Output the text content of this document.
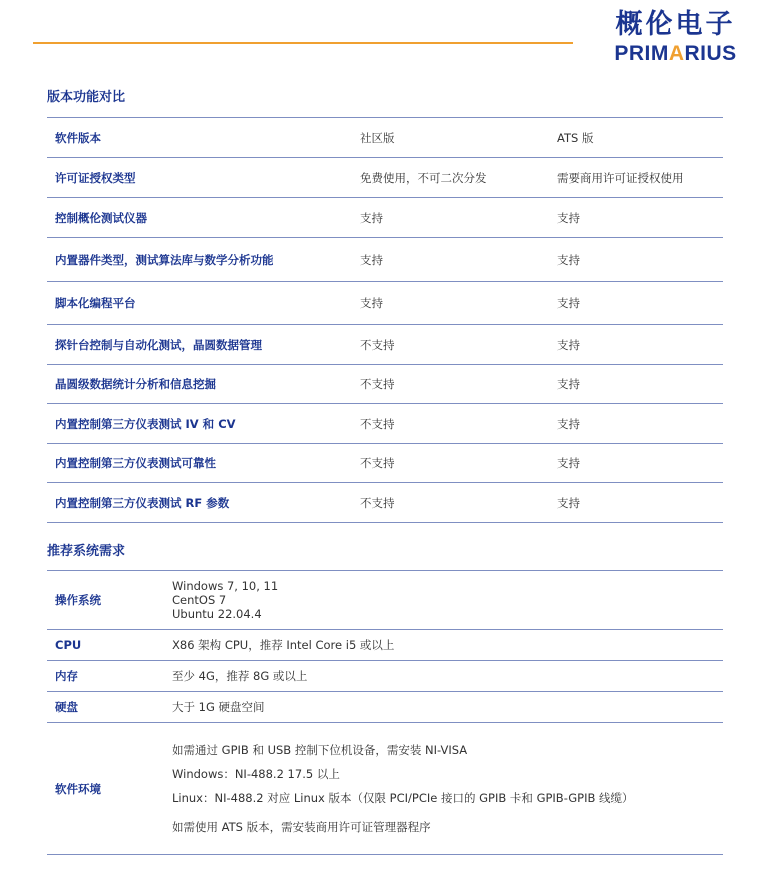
概伦电子
PRIMARIUS
版本功能对比
软件版本	社区版	ATS 版
许可证授权类型	免费使用，不可二次分发	需要商用许可证授权使用
控制概伦测试仪器	支持	支持
内置器件类型，测试算法库与数学分析功能	支持	支持
脚本化编程平台	支持	支持
探针台控制与自动化测试，晶圆数据管理	不支持	支持
晶圆级数据统计分析和信息挖掘	不支持	支持
内置控制第三方仪表测试 IV 和 CV	不支持	支持
内置控制第三方仪表测试可靠性	不支持	支持
内置控制第三方仪表测试 RF 参数	不支持	支持
推荐系统需求
操作系统	Windows 7, 10, 11
CentOS 7
Ubuntu 22.04.4

CPU	X86 架构 CPU，推荐 Intel Core i5 或以上
内存	至少 4G，推荐 8G 或以上
硬盘	大于 1G 硬盘空间
软件环境	如需通过 GPIB 和 USB 控制下位机设备，需安装 NI-VISA
Windows：NI-488.2 17.5 以上
Linux：NI-488.2 对应 Linux 版本（仅限 PCI/PCIe 接口的 GPIB 卡和 GPIB-GPIB 线缆）
如需使用 ATS 版本，需安装商用许可证管理器程序
